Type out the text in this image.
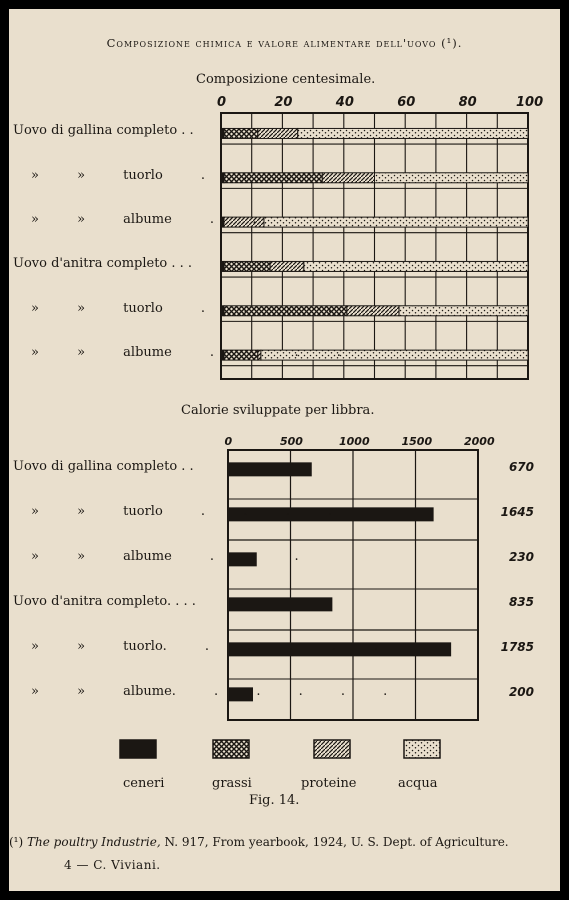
Composizione chimica e valore alimentare dell'uovo (¹).
Composizione centesimale.
Calorie sviluppate per libbra.
Uovo di gallina completo . .
» » tuorlo . . .
» » albume . .
Uovo d'anitra completo . . .
» » tuorlo . . . . .
» » albume . . . .
0	20	40	60	80	100
Uovo di gallina completo . .	670
» » tuorlo . . . .	1645
» » albume . . .	230
Uovo d'anitra completo. . . .	835
» » tuorlo. . . . . .	1785
» » albume. . . . . .	200
0	500	1000	1500	2000
ceneri	grassi	proteine	acqua
Fig. 14.
(¹) The poultry Industrie, N. 917, From yearbook, 1924, U. S. Dept. of Agriculture.
4 — C. Viviani.
